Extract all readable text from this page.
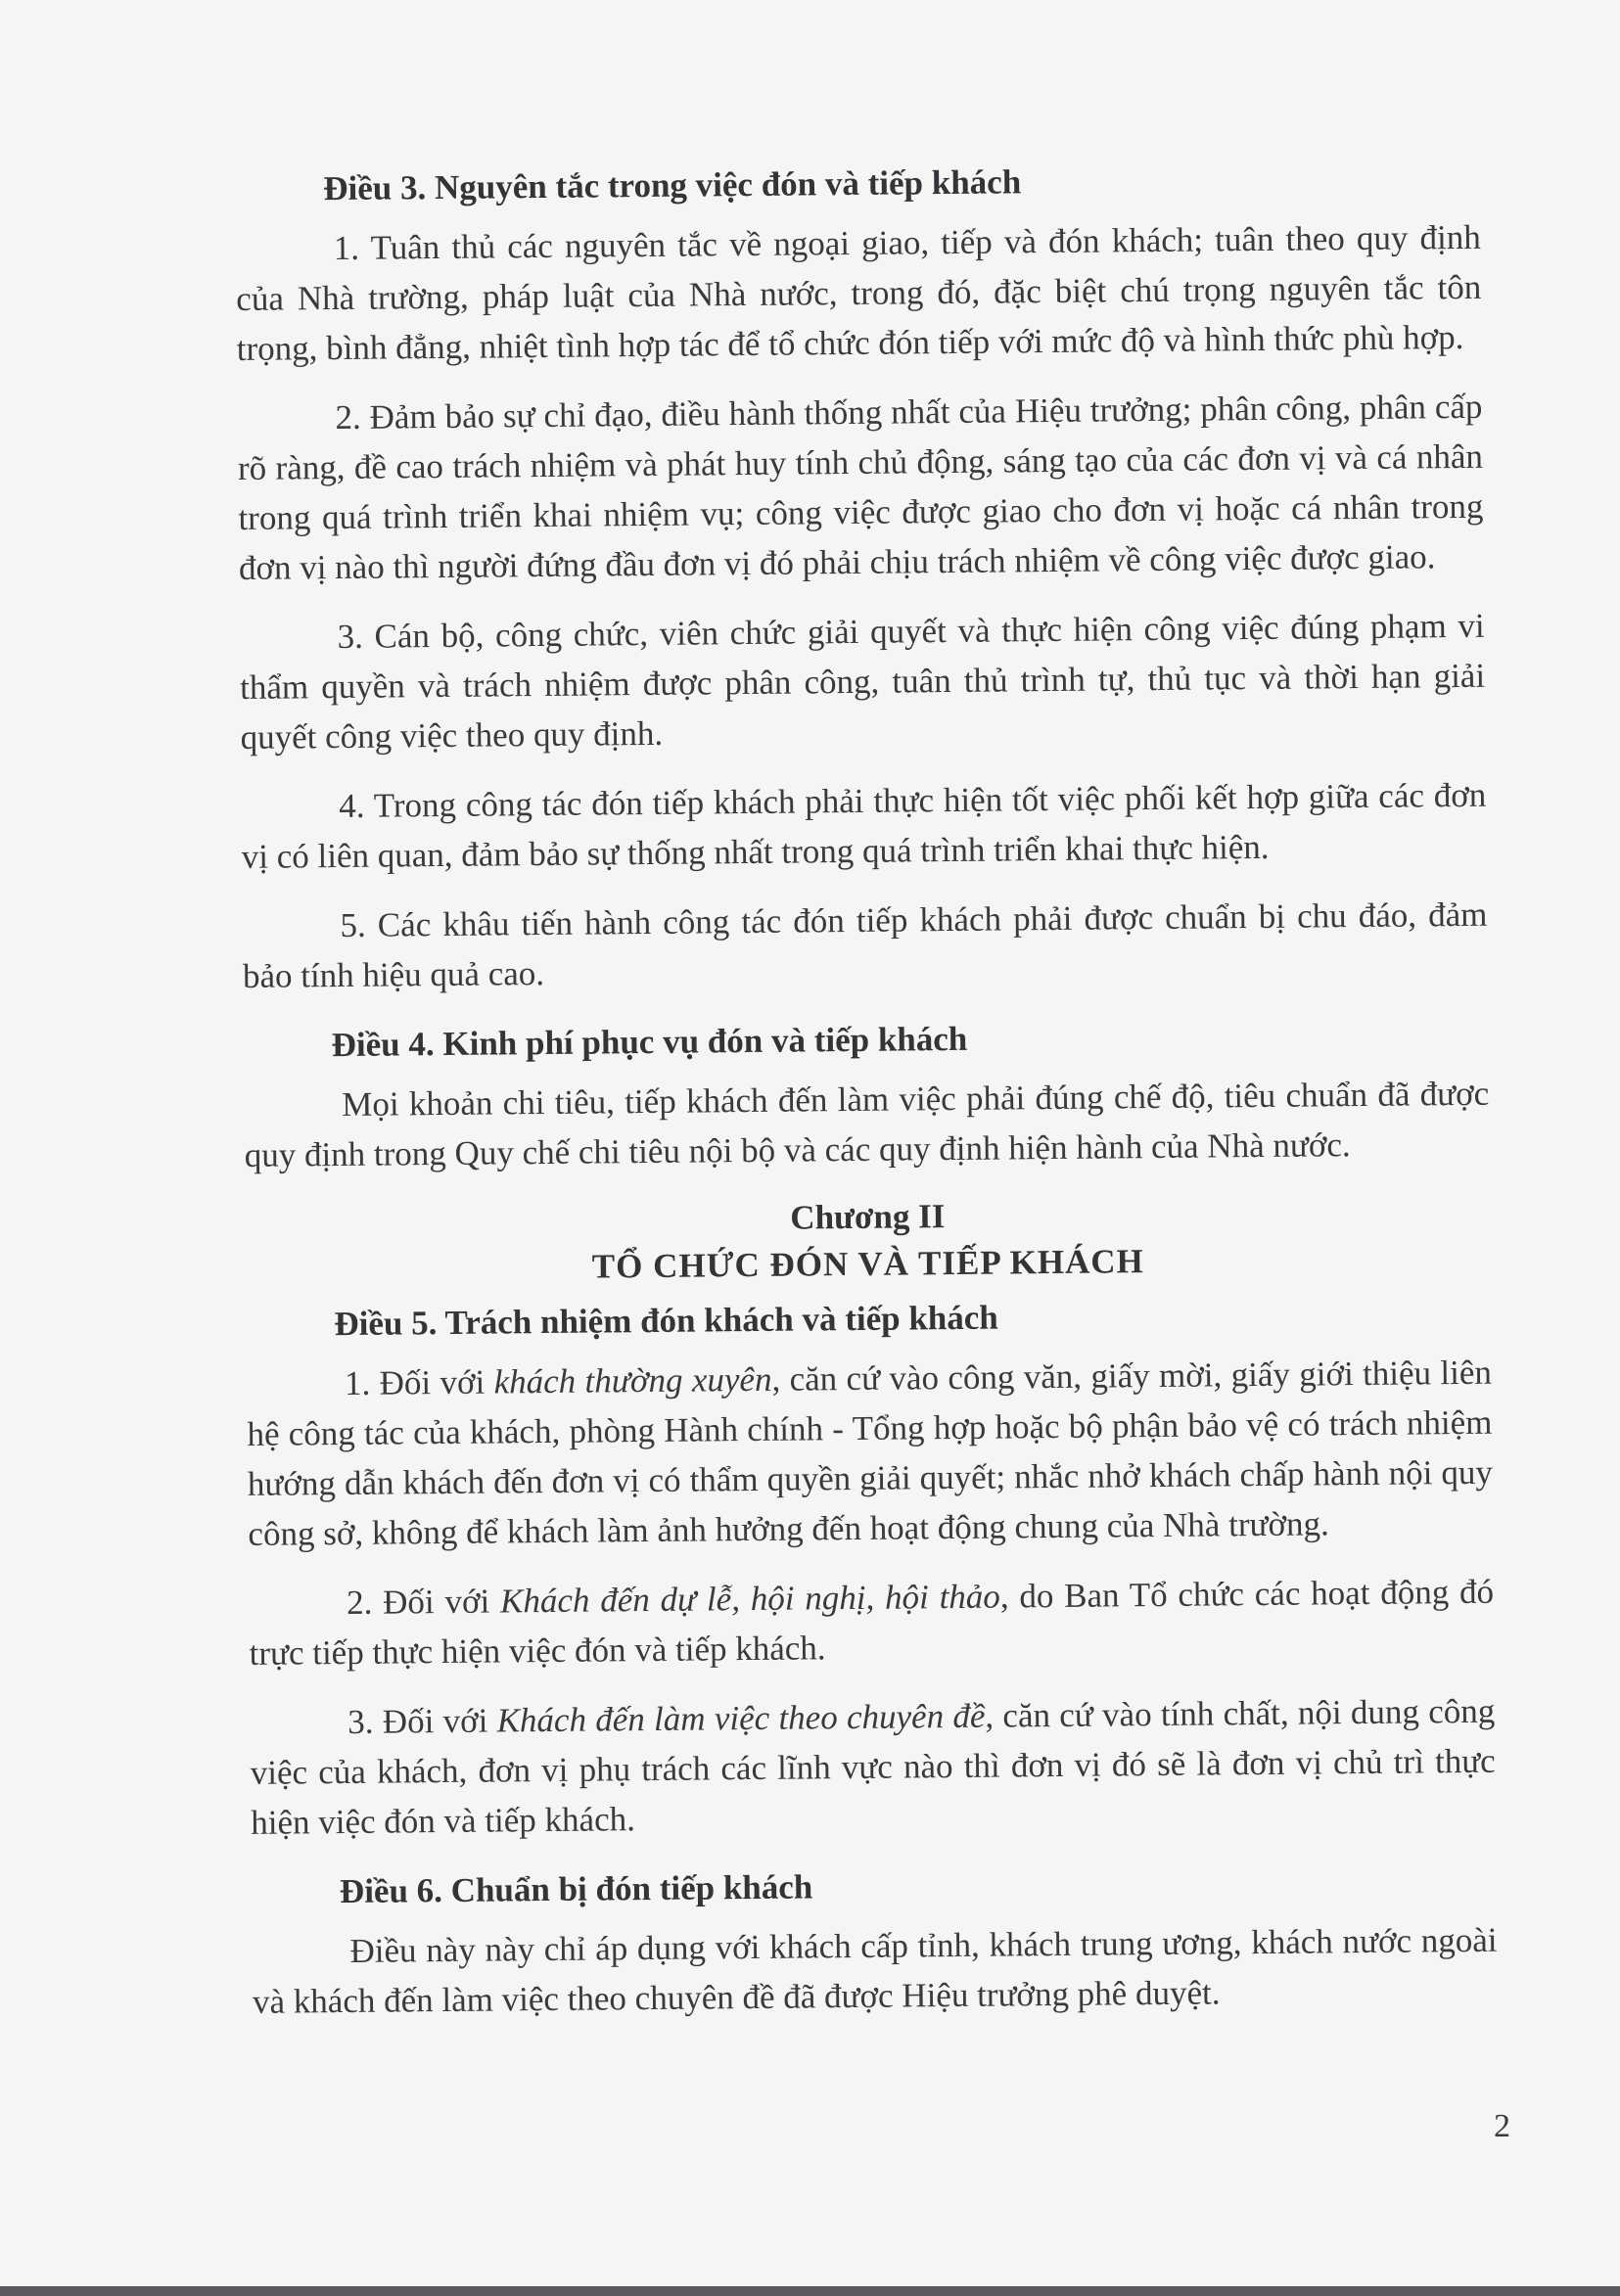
Điều 3. Nguyên tắc trong việc đón và tiếp khách

1. Tuân thủ các nguyên tắc về ngoại giao, tiếp và đón khách; tuân theo quy định của Nhà trường, pháp luật của Nhà nước, trong đó, đặc biệt chú trọng nguyên tắc tôn trọng, bình đẳng, nhiệt tình hợp tác để tổ chức đón tiếp với mức độ và hình thức phù hợp.

2. Đảm bảo sự chỉ đạo, điều hành thống nhất của Hiệu trưởng; phân công, phân cấp rõ ràng, đề cao trách nhiệm và phát huy tính chủ động, sáng tạo của các đơn vị và cá nhân trong quá trình triển khai nhiệm vụ; công việc được giao cho đơn vị hoặc cá nhân trong đơn vị nào thì người đứng đầu đơn vị đó phải chịu trách nhiệm về công việc được giao.

3. Cán bộ, công chức, viên chức giải quyết và thực hiện công việc đúng phạm vi thẩm quyền và trách nhiệm được phân công, tuân thủ trình tự, thủ tục và thời hạn giải quyết công việc theo quy định.

4. Trong công tác đón tiếp khách phải thực hiện tốt việc phối kết hợp giữa các đơn vị có liên quan, đảm bảo sự thống nhất trong quá trình triển khai thực hiện.

5. Các khâu tiến hành công tác đón tiếp khách phải được chuẩn bị chu đáo, đảm bảo tính hiệu quả cao.

Điều 4. Kinh phí phục vụ đón và tiếp khách

Mọi khoản chi tiêu, tiếp khách đến làm việc phải đúng chế độ, tiêu chuẩn đã được quy định trong Quy chế chi tiêu nội bộ và các quy định hiện hành của Nhà nước.

Chương II
TỔ CHỨC ĐÓN VÀ TIẾP KHÁCH
Điều 5. Trách nhiệm đón khách và tiếp khách

1. Đối với khách thường xuyên, căn cứ vào công văn, giấy mời, giấy giới thiệu liên hệ công tác của khách, phòng Hành chính - Tổng hợp hoặc bộ phận bảo vệ có trách nhiệm hướng dẫn khách đến đơn vị có thẩm quyền giải quyết; nhắc nhở khách chấp hành nội quy công sở, không để khách làm ảnh hưởng đến hoạt động chung của Nhà trường.

2. Đối với Khách đến dự lễ, hội nghị, hội thảo, do Ban Tổ chức các hoạt động đó trực tiếp thực hiện việc đón và tiếp khách.

3. Đối với Khách đến làm việc theo chuyên đề, căn cứ vào tính chất, nội dung công việc của khách, đơn vị phụ trách các lĩnh vực nào thì đơn vị đó sẽ là đơn vị chủ trì thực hiện việc đón và tiếp khách.

Điều 6. Chuẩn bị đón tiếp khách

Điều này này chỉ áp dụng với khách cấp tỉnh, khách trung ương, khách nước ngoài và khách đến làm việc theo chuyên đề đã được Hiệu trưởng phê duyệt.

2
